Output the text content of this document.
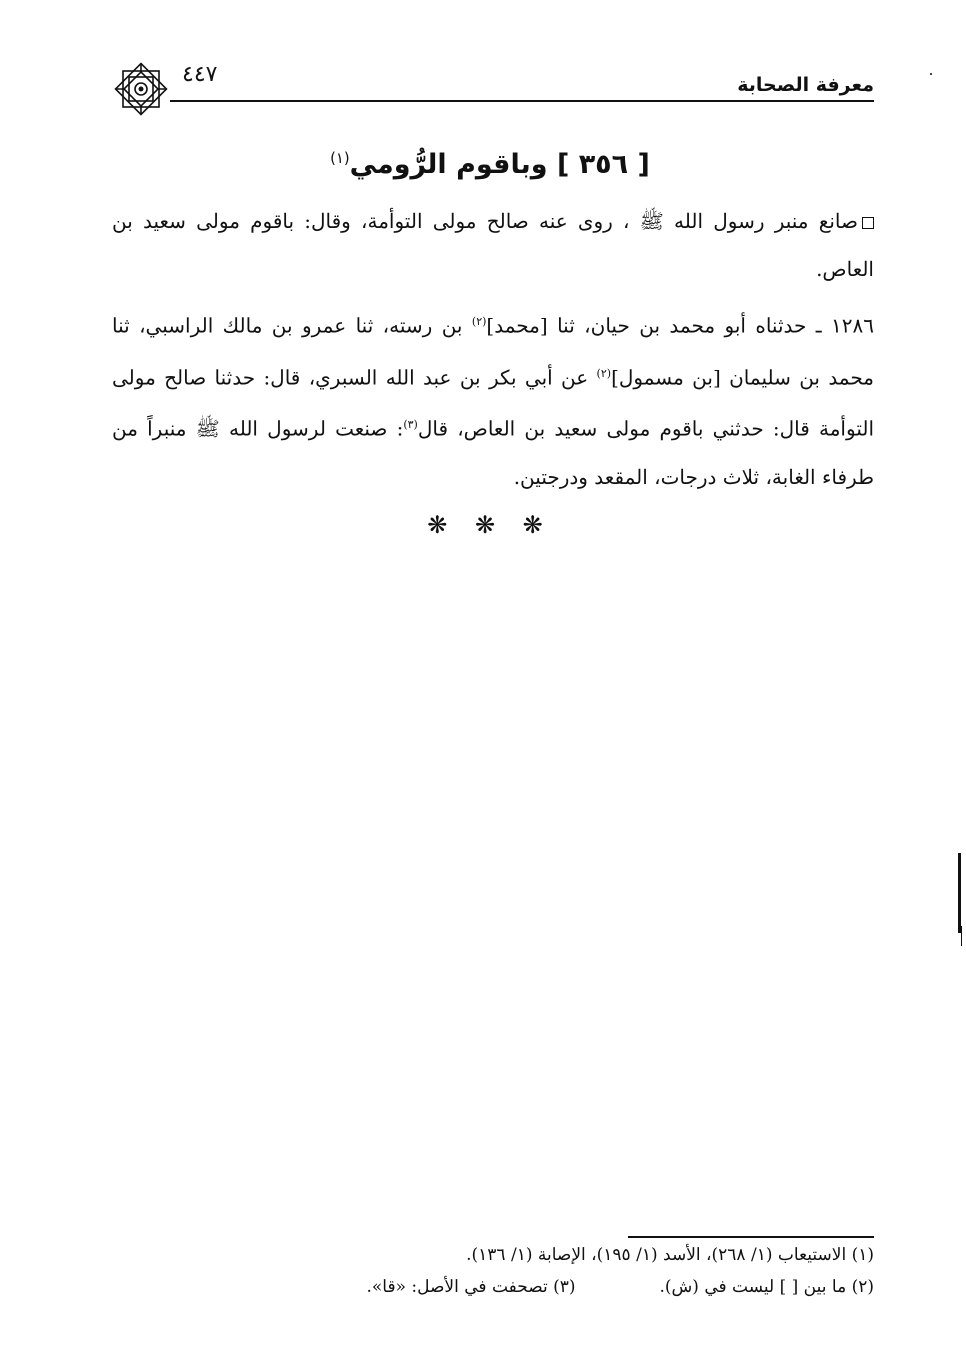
معرفة الصحابة
٤٤٧
[ ٣٥٦ ] وباقوم الرُّومي$^{(١)}$
صانع منبر رسول الله ﷺ ، روى عنه صالح مولى التوأمة، وقال: باقوم مولى سعيد بن العاص.
١٢٨٦ ـ حدثناه أبو محمد بن حيان، ثنا [محمد]$^{(٢)}$ بن رسته، ثنا عمرو بن مالك الراسبي، ثنا محمد بن سليمان [بن مسمول]$^{(٢)}$ عن أبي بكر بن عبد الله السبري، قال: حدثنا صالح مولى التوأمة قال: حدثني باقوم مولى سعيد بن العاص، قال$^{(٣)}$: صنعت لرسول الله ﷺ منبراً من طرفاء الغابة، ثلاث درجات، المقعد ودرجتين.
❋ ❋ ❋
(١) الاستيعاب (١/ ٢٦٨)، الأسد (١/ ١٩٥)، الإصابة (١/ ١٣٦).
(٢) ما بين [ ] ليست في (ش).
(٣) تصحفت في الأصل: «قا».
